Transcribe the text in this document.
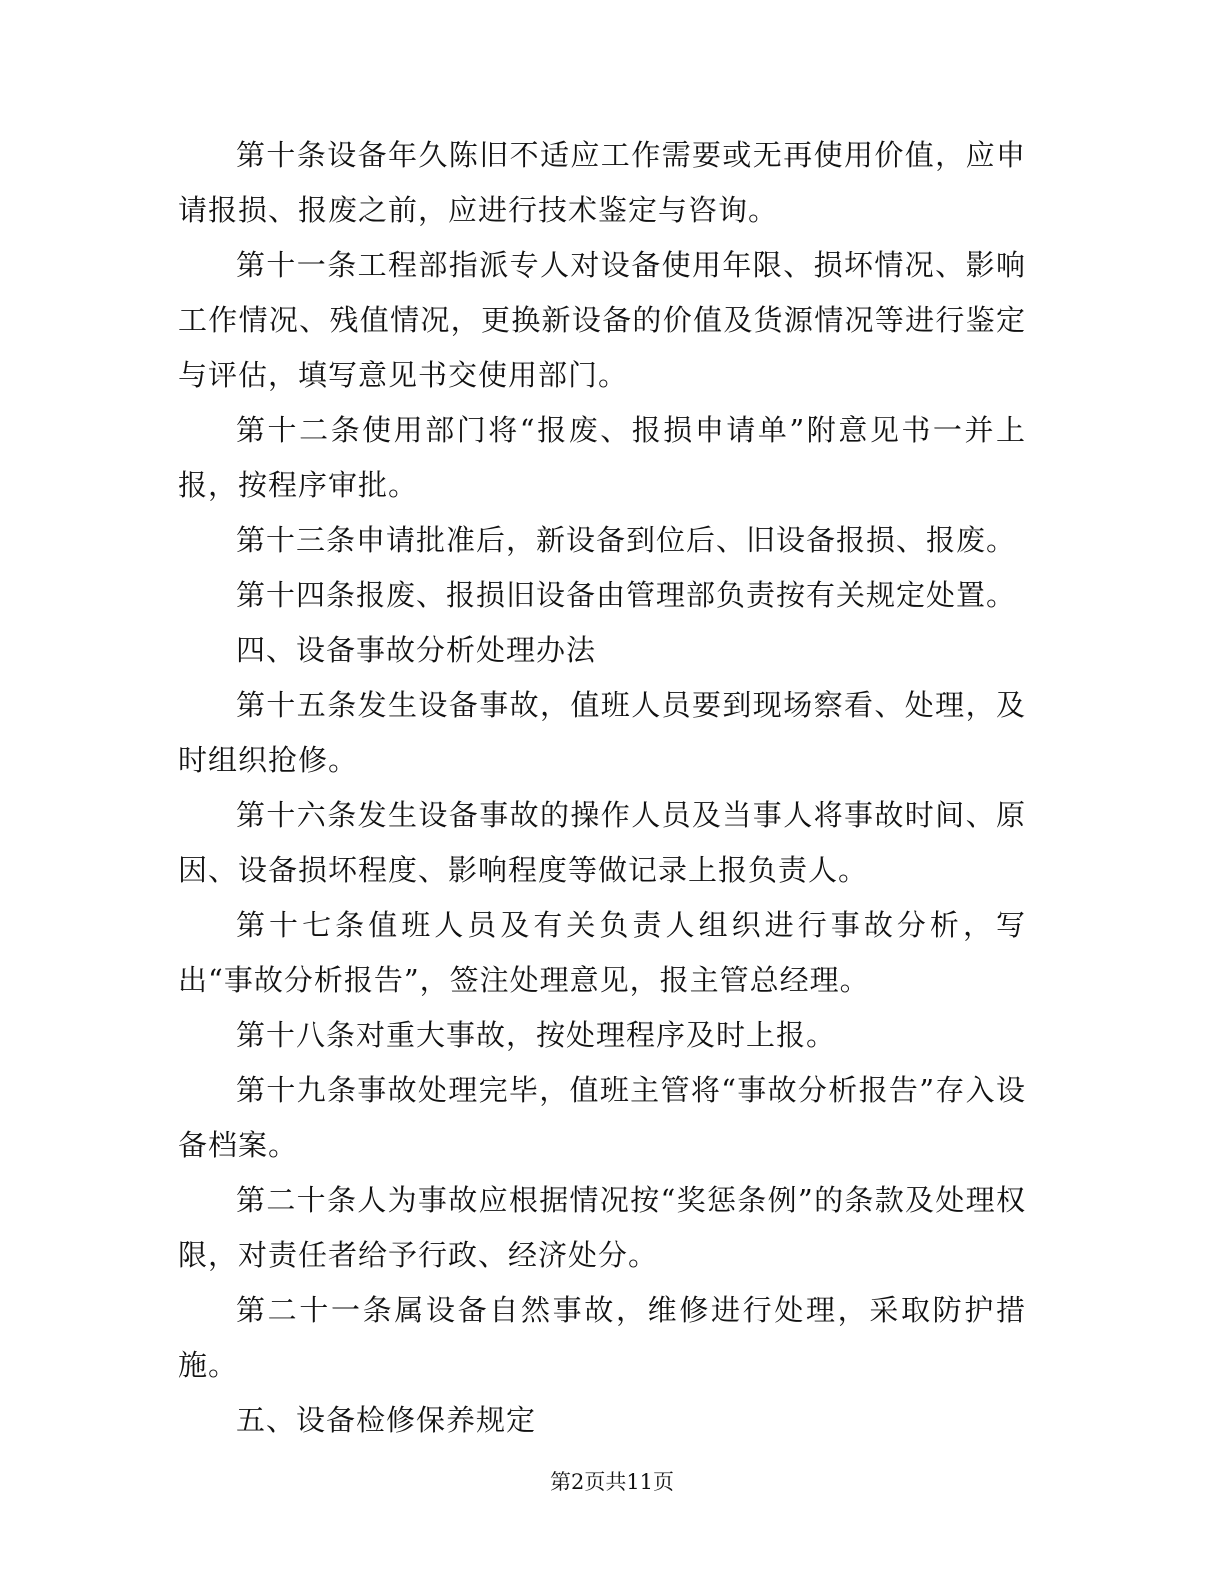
第十条设备年久陈旧不适应工作需要或无再使用价值，应申请报损、报废之前，应进行技术鉴定与咨询。

第十一条工程部指派专人对设备使用年限、损坏情况、影响工作情况、残值情况，更换新设备的价值及货源情况等进行鉴定与评估，填写意见书交使用部门。

第十二条使用部门将“报废、报损申请单”附意见书一并上报，按程序审批。

第十三条申请批准后，新设备到位后、旧设备报损、报废。

第十四条报废、报损旧设备由管理部负责按有关规定处置。

四、设备事故分析处理办法

第十五条发生设备事故，值班人员要到现场察看、处理，及时组织抢修。

第十六条发生设备事故的操作人员及当事人将事故时间、原因、设备损坏程度、影响程度等做记录上报负责人。

第十七条值班人员及有关负责人组织进行事故分析，写出“事故分析报告”，签注处理意见，报主管总经理。

第十八条对重大事故，按处理程序及时上报。

第十九条事故处理完毕，值班主管将“事故分析报告”存入设备档案。

第二十条人为事故应根据情况按“奖惩条例”的条款及处理权限，对责任者给予行政、经济处分。

第二十一条属设备自然事故，维修进行处理，采取防护措施。

五、设备检修保养规定

第2页共11页
